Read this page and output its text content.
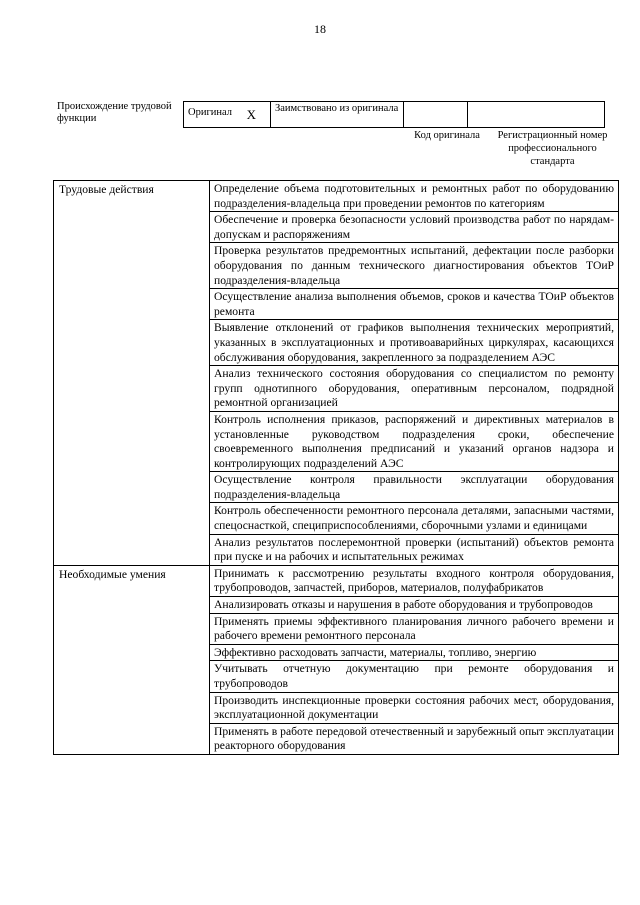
18
Происхождение трудовой функции
Оригинал X	Заимствовано из оригинала		
Код оригинала	Регистрационный номер профессионального стандарта
Трудовые действия	Определение объема подготовительных и ремонтных работ по оборудованию подразделения-владельца при проведении ремонтов по категориям
	Обеспечение и проверка безопасности условий производства работ по нарядам-допускам и распоряжениям
	Проверка результатов предремонтных испытаний, дефектации после разборки оборудования по данным технического диагностирования объектов ТОиР подразделения-владельца
	Осуществление анализа выполнения объемов, сроков и качества ТОиР объектов ремонта
	Выявление отклонений от графиков выполнения технических мероприятий, указанных в эксплуатационных и противоаварийных циркулярах, касающихся обслуживания оборудования, закрепленного за подразделением АЭС
	Анализ технического состояния оборудования со специалистом по ремонту групп однотипного оборудования, оперативным персоналом, подрядной ремонтной организацией
	Контроль исполнения приказов, распоряжений и директивных материалов в установленные руководством подразделения сроки, обеспечение своевременного выполнения предписаний и указаний органов надзора и контролирующих подразделений АЭС
	Осуществление контроля правильности эксплуатации оборудования подразделения-владельца
	Контроль обеспеченности ремонтного персонала деталями, запасными частями, спецоснасткой, специприспособлениями, сборочными узлами и единицами
	Анализ результатов послеремонтной проверки (испытаний) объектов ремонта при пуске и на рабочих и испытательных режимах
Необходимые умения	Принимать к рассмотрению результаты входного контроля оборудования, трубопроводов, запчастей, приборов, материалов, полуфабрикатов
	Анализировать отказы и нарушения в работе оборудования и трубопроводов
	Применять приемы эффективного планирования личного рабочего времени и рабочего времени ремонтного персонала
	Эффективно расходовать запчасти, материалы, топливо, энергию
	Учитывать отчетную документацию при ремонте оборудования и трубопроводов
	Производить инспекционные проверки состояния рабочих мест, оборудования, эксплуатационной документации
	Применять в работе передовой отечественный и зарубежный опыт эксплуатации реакторного оборудования
